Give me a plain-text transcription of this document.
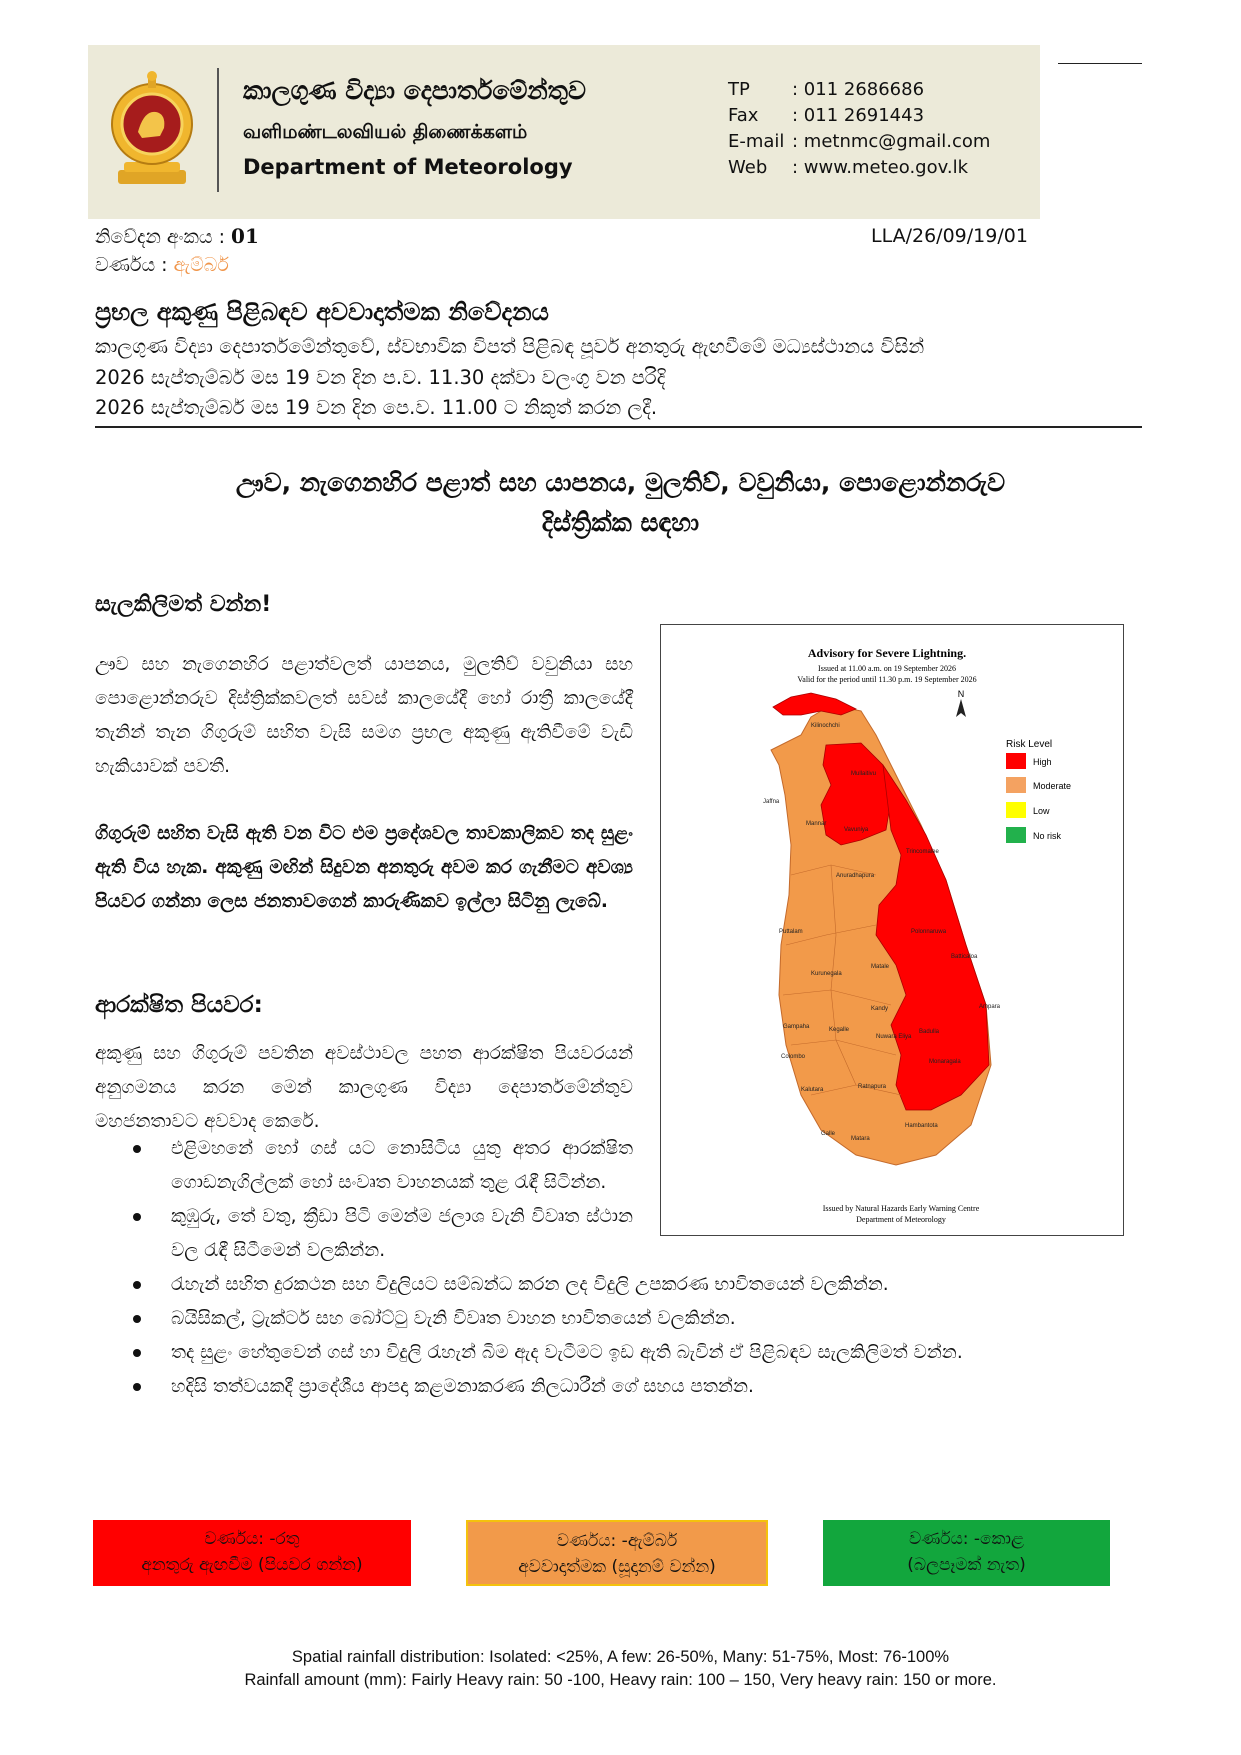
කාලගුණ විද්‍යා දෙපාර්තමේන්තුව
வளிமண்டலவியல் திணைக்களம்
Department of Meteorology
TP : 011 2686686
Fax : 011 2691443
E-mail : metnmc@gmail.com
Web : www.meteo.gov.lk
නිවේදන අංකය : 01	LLA/26/09/19/01
වර්ණය : ඇම්බර්
ප්‍රභල අකුණු පිළිබඳව අවවාදාත්මක නිවේදනය
කාලගුණ විද්‍යා දෙපාර්තමේන්තුවේ, ස්වභාවික විපත් පිළිබඳ පූර්ව අනතුරු ඇඟවීමේ මධ්‍යස්ථානය විසින්
2026 සැප්තැම්බර් මස 19 වන දින ප.ව. 11.30 දක්වා වලංගු වන පරිදි
2026 සැප්තැම්බර් මස 19 වන දින පෙ.ව. 11.00 ට නිකුත් කරන ලදී.
ඌව, නැගෙනහිර පළාත් සහ යාපනය, මුලතිව්, වවුනියා, පොළොන්නරුව
දිස්ත්‍රික්ක සඳහා
සැලකිලිමත් වන්න!
ඌව සහ නැගෙනහිර පළාත්වලත් යාපනය, මුලතිව් වවුනියා සහ පොළොන්නරුව දිස්ත්‍රික්කවලත් සවස් කාලයේදී හෝ රාත්‍රී කාලයේදී තැනින් තැන ගිගුරුම් සහිත වැසි සමග ප්‍රභල අකුණු ඇතිවීමේ වැඩි හැකියාවක් පවතී.
ගිගුරුම් සහිත වැසි ඇති වන විට එම ප්‍රදේශවල තාවකාලිකව තද සුළං ඇති විය හැක. අකුණු මඟින් සිදුවන අනතුරු අවම කර ගැනීමට අවශ්‍ය පියවර ගන්නා ලෙස ජනතාවගෙන් කාරුණිකව ඉල්ලා සිටිනු ලැබේ.
ආරක්ෂිත පියවර:
අකුණු සහ ගිගුරුම් පවතින අවස්ථාවල පහත ආරක්ෂිත පියවරයන් අනුගමනය කරන මෙන් කාලගුණ විද්‍යා දෙපාර්තමේන්තුව මහජනතාවට අවවාද කෙරේ.
එළිමහනේ හෝ ගස් යට නොසිටිය යුතු අතර ආරක්ෂිත ගොඩනැගිල්ලක් හෝ සංවෘත වාහනයක් තුළ රැඳී සිටින්න.
කුඹුරු, තේ වතු, ක්‍රීඩා පිටි මෙන්ම ජලාශ වැනි විවෘත ස්ථාන වල රැඳී සිටීමෙන් වලකින්න.
රැහැන් සහිත දුරකථන සහ විදුලියට සම්බන්ධ කරන ලද විදුලි උපකරණ භාවිතයෙන් වලකින්න.
බයිසිකල්, ට්‍රැක්ටර් සහ බෝට්ටු වැනි විවෘත වාහන භාවිතයෙන් වලකින්න.
තද සුළං හේතුවෙන් ගස් හා විදුලි රැහැන් බිම ඇද වැටීමට ඉඩ ඇති බැවින් ඒ පිළිබඳව සැලකිලිමත් වන්න.
හදිසි තත්වයකදී ප්‍රාදේශීය ආපදා කළමනාකරණ නිලධාරීන් ගේ සහය පතන්න.
Advisory for Severe Lightning.
Issued at 11.00 a.m. on 19 September 2026
Valid for the period until 11.30 p.m. 19 September 2026
N
Kilinochchi
Mullaitivu
Mannar
Vavuniya
Anuradhapura
Trincomalee
Puttalam	Polonnaruwa
Batticaloa
Kurunegala
Matale
Kandy	Ampara
Gampaha	Kegalle
Nuwara Eliya
Badulla
Colombo
Monaragala
Kalutara	Ratnapura
Galle
Matara
Hambantota
Jaffna
Risk Level
High
Moderate
Low
No risk
Issued by Natural Hazards Early Warning Centre
Department of Meteorology
වර්ණය: -රතු
අනතුරු ඇඟවීම (පියවර ගන්න)
වර්ණය: -ඇම්බර්
අවවාදාත්මක (සූදානම් වන්න)
වර්ණය: -කොළ
(බලපෑමක් නැත)
Spatial rainfall distribution: Isolated: <25%, A few: 26-50%, Many: 51-75%, Most: 76-100%
Rainfall amount (mm): Fairly Heavy rain: 50 -100, Heavy rain: 100 – 150, Very heavy rain: 150 or more.
